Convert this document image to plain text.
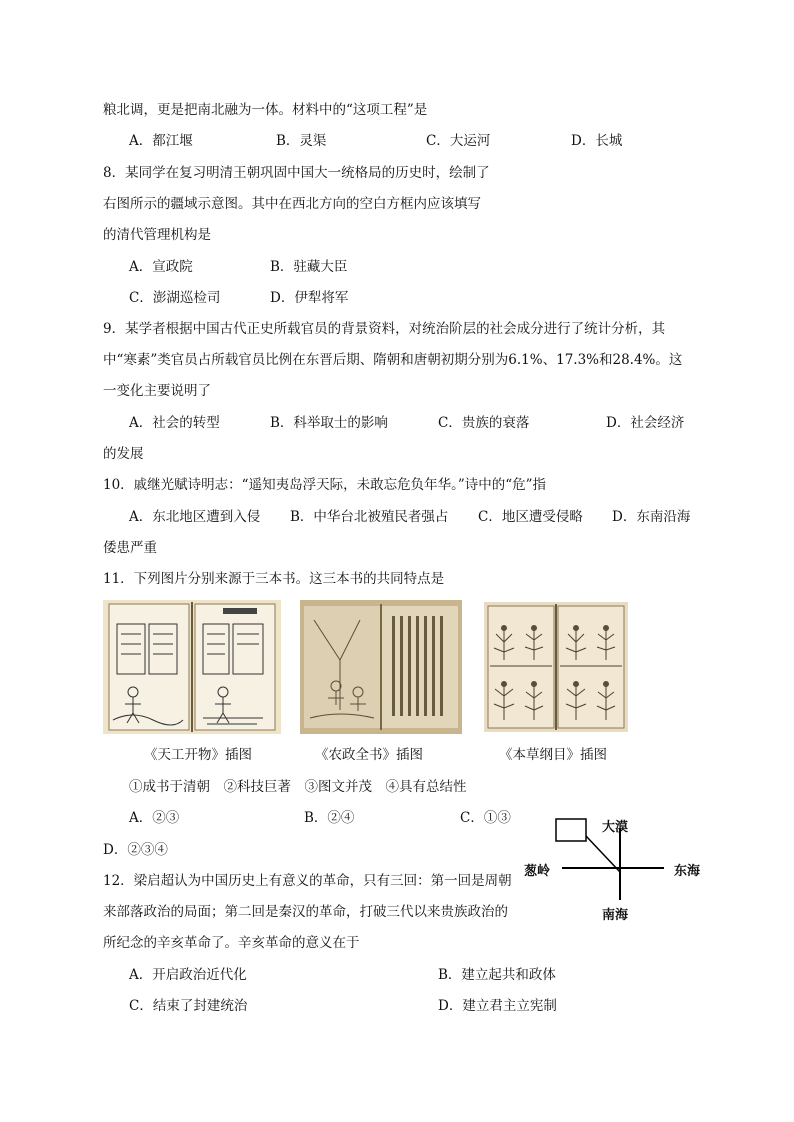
粮北调，更是把南北融为一体。材料中的“这项工程”是
A．都江堰	B．灵渠	C．大运河	D．长城
8．某同学在复习明清王朝巩固中国大一统格局的历史时，绘制了
右图所示的疆域示意图。其中在西北方向的空白方框内应该填写
的清代管理机构是
A．宣政院	B．驻藏大臣
C．澎湖巡检司	D．伊犁将军
9．某学者根据中国古代正史所载官员的背景资料，对统治阶层的社会成分进行了统计分析，其
中“寒素”类官员占所载官员比例在东晋后期、隋朝和唐朝初期分别为6.1%、17.3%和28.4%。这
一变化主要说明了
A．社会的转型	B．科举取士的影响	C．贵族的衰落	D．社会经济
的发展
10．戚继光赋诗明志：“遥知夷岛浮天际，未敢忘危负年华。”诗中的“危”指
A．东北地区遭到入侵 B．中华台北被殖民者强占 C．地区遭受侵略 D．东南沿海
倭患严重
11．下列图片分别来源于三本书。这三本书的共同特点是
《天工开物》插图	《农政全书》插图	《本草纲目》插图
①成书于清朝　②科技巨著　③图文并茂　④具有总结性
A．②③	B．②④	C．①③
D．②③④
大漠
葱岭	东海
南海
12．梁启超认为中国历史上有意义的革命，只有三回：第一回是周朝
来部落政治的局面；第二回是秦汉的革命，打破三代以来贵族政治的
所纪念的辛亥革命了。辛亥革命的意义在于
A．开启政治近代化	B．建立起共和政体
C．结束了封建统治	D．建立君主立宪制
